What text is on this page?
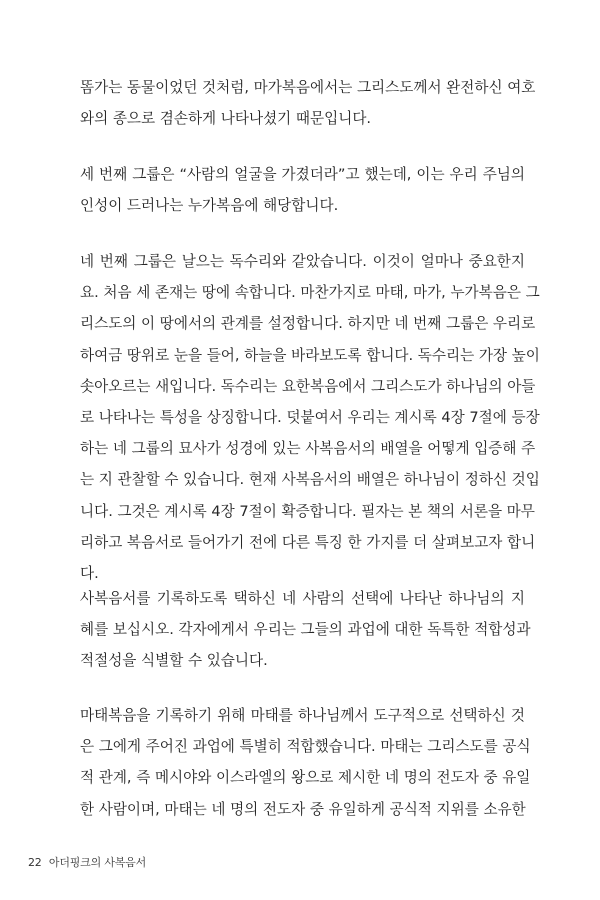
똠가는 동물이었던 것처럼, 마가복음에서는 그리스도께서 완전하신 여호
와의 종으로 겸손하게 나타나셨기 때문입니다.
세 번째 그룹은 “사람의 얼굴을 가졌더라”고 했는데, 이는 우리 주님의
인성이 드러나는 누가복음에 해당합니다.
네 번째 그룹은 날으는 독수리와 같았습니다. 이것이 얼마나 중요한지
요. 처음 세 존재는 땅에 속합니다. 마찬가지로 마태, 마가, 누가복음은 그
리스도의 이 땅에서의 관계를 설정합니다. 하지만 네 번째 그룹은 우리로
하여금 땅위로 눈을 들어, 하늘을 바라보도록 합니다. 독수리는 가장 높이
솟아오르는 새입니다. 독수리는 요한복음에서 그리스도가 하나님의 아들
로 나타나는 특성을 상징합니다. 덧붙여서 우리는 계시록 4장 7절에 등장
하는 네 그룹의 묘사가 성경에 있는 사복음서의 배열을 어떻게 입증해 주
는 지 관찰할 수 있습니다. 현재 사복음서의 배열은 하나님이 정하신 것입
니다. 그것은 계시록 4장 7절이 확증합니다. 필자는 본 책의 서론을 마무
리하고 복음서로 들어가기 전에 다른 특징 한 가지를 더 살펴보고자 합니
다.
사복음서를 기록하도록 택하신 네 사람의 선택에 나타난 하나님의 지
혜를 보십시오. 각자에게서 우리는 그들의 과업에 대한 독특한 적합성과
적절성을 식별할 수 있습니다.
마태복음을 기록하기 위해 마태를 하나님께서 도구적으로 선택하신 것
은 그에게 주어진 과업에 특별히 적합했습니다. 마태는 그리스도를 공식
적 관계, 즉 메시야와 이스라엘의 왕으로 제시한 네 명의 전도자 중 유일
한 사람이며, 마태는 네 명의 전도자 중 유일하게 공식적 지위를 소유한
22 아더핑크의 사복음서
